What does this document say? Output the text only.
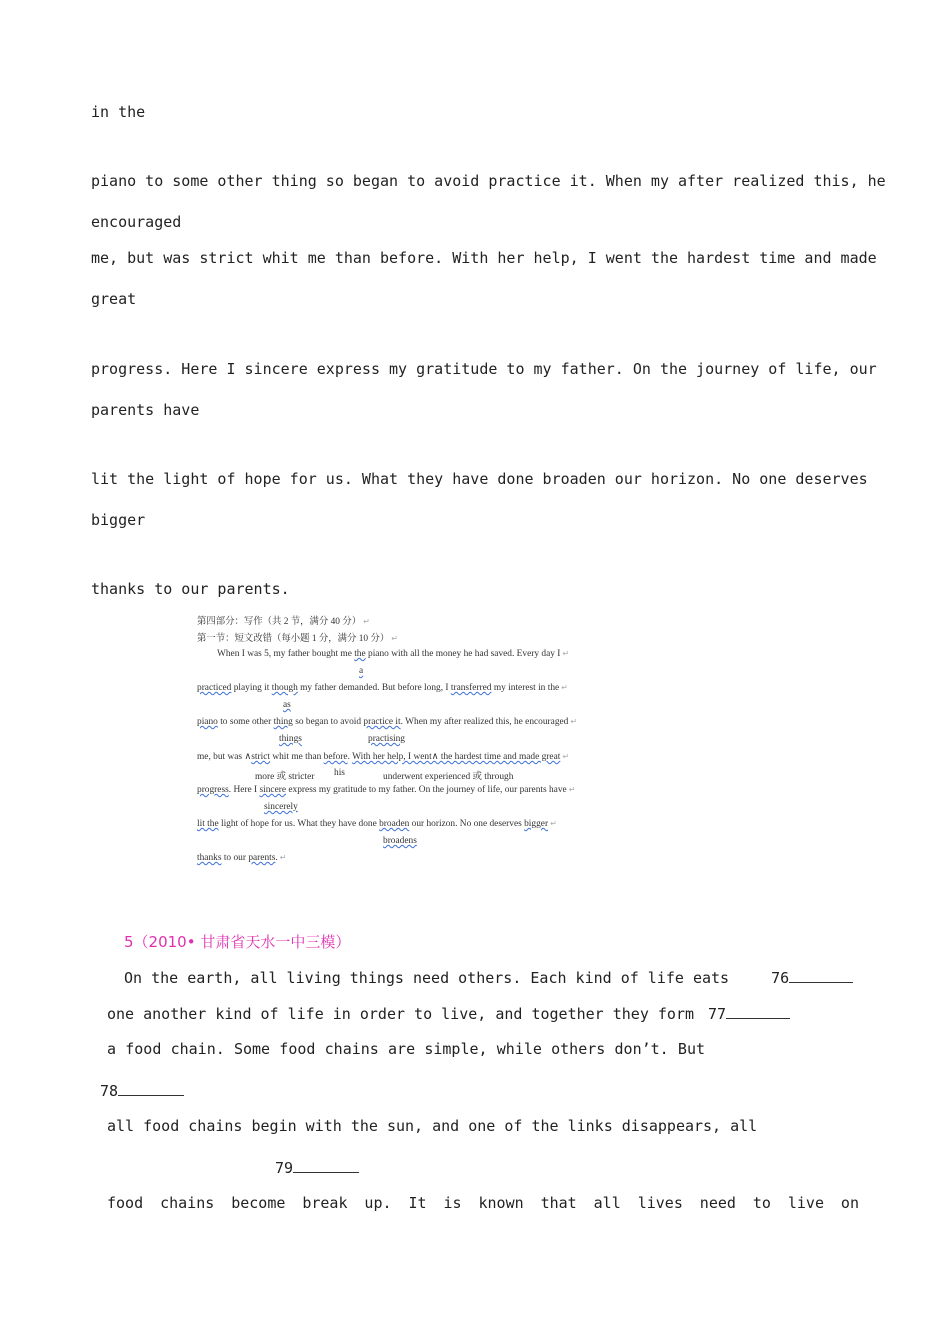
in the
piano to some other thing so began to avoid practice it. When my after realized this, he
encouraged
me, but was strict whit me than before. With her help, I went the hardest time and made
great
progress. Here I sincere express my gratitude to my father. On the journey of life, our
parents have
lit the light of hope for us. What they have done broaden our horizon. No one deserves
bigger
thanks to our parents.
第四部分：写作（共 2 节，满分 40 分） ↵
第一节：短文改错（每小题 1 分，满分 10 分） ↵
When I was 5, my father bought me the piano with all the money he had saved. Every day I ↵
a
practiced playing it though my father demanded. But before long, I transferred my interest in the ↵
as
piano to some other thing so began to avoid practice it. When my after realized this, he encouraged ↵
things	practising
me, but was ∧strict whit me than before. With her help, I went∧ the hardest time and made great ↵
more 或 stricter his	underwent experienced 或 through
progress. Here I sincere express my gratitude to my father. On the journey of life, our parents have ↵
sincerely
lit the light of hope for us. What they have done broaden our horizon. No one deserves bigger ↵
broadens
thanks to our parents. ↵
5（2010• 甘肃省天水一中三模）
On the earth, all living things need others. Each kind of life eats	76
one another kind of life in order to live, and together they form 77
a food chain. Some food chains are simple, while others don’t. But
78
all food chains begin with the sun, and one of the links disappears, all
79
food chains become break up. It is known that all lives need to live on
